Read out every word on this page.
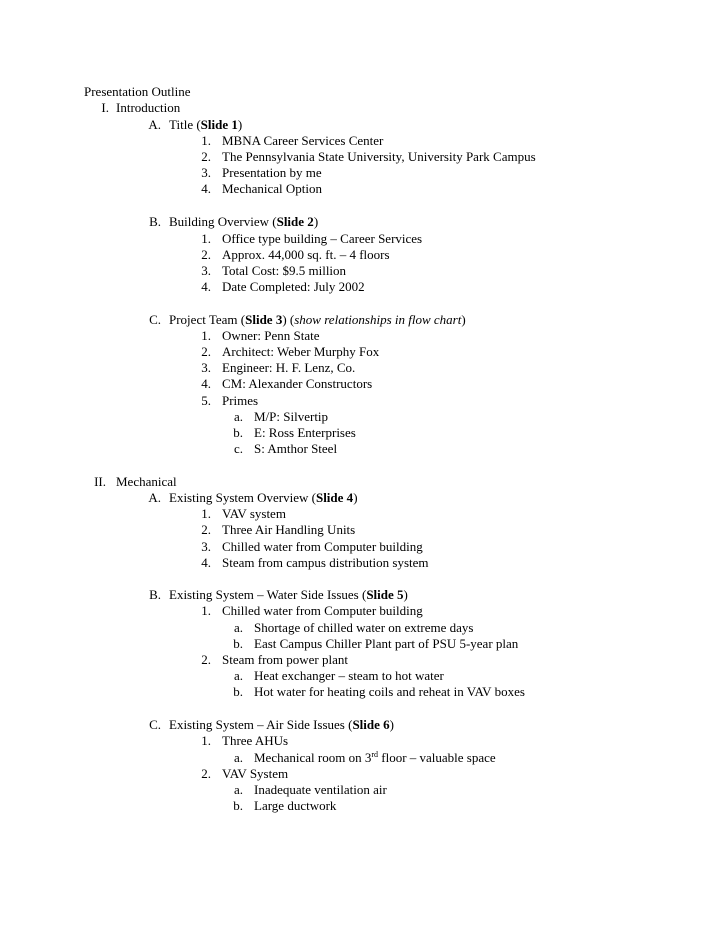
Presentation Outline
I. Introduction
A. Title (Slide 1)
1. MBNA Career Services Center
2. The Pennsylvania State University, University Park Campus
3. Presentation by me
4. Mechanical Option
B. Building Overview (Slide 2)
1. Office type building – Career Services
2. Approx. 44,000 sq. ft. – 4 floors
3. Total Cost: $9.5 million
4. Date Completed: July 2002
C. Project Team (Slide 3) (show relationships in flow chart)
1. Owner: Penn State
2. Architect: Weber Murphy Fox
3. Engineer: H. F. Lenz, Co.
4. CM: Alexander Constructors
5. Primes
a. M/P: Silvertip
b. E: Ross Enterprises
c. S: Amthor Steel
II. Mechanical
A. Existing System Overview (Slide 4)
1. VAV system
2. Three Air Handling Units
3. Chilled water from Computer building
4. Steam from campus distribution system
B. Existing System – Water Side Issues (Slide 5)
1. Chilled water from Computer building
a. Shortage of chilled water on extreme days
b. East Campus Chiller Plant part of PSU 5-year plan
2. Steam from power plant
a. Heat exchanger – steam to hot water
b. Hot water for heating coils and reheat in VAV boxes
C. Existing System – Air Side Issues (Slide 6)
1. Three AHUs
a. Mechanical room on 3rd floor – valuable space
2. VAV System
a. Inadequate ventilation air
b. Large ductwork
